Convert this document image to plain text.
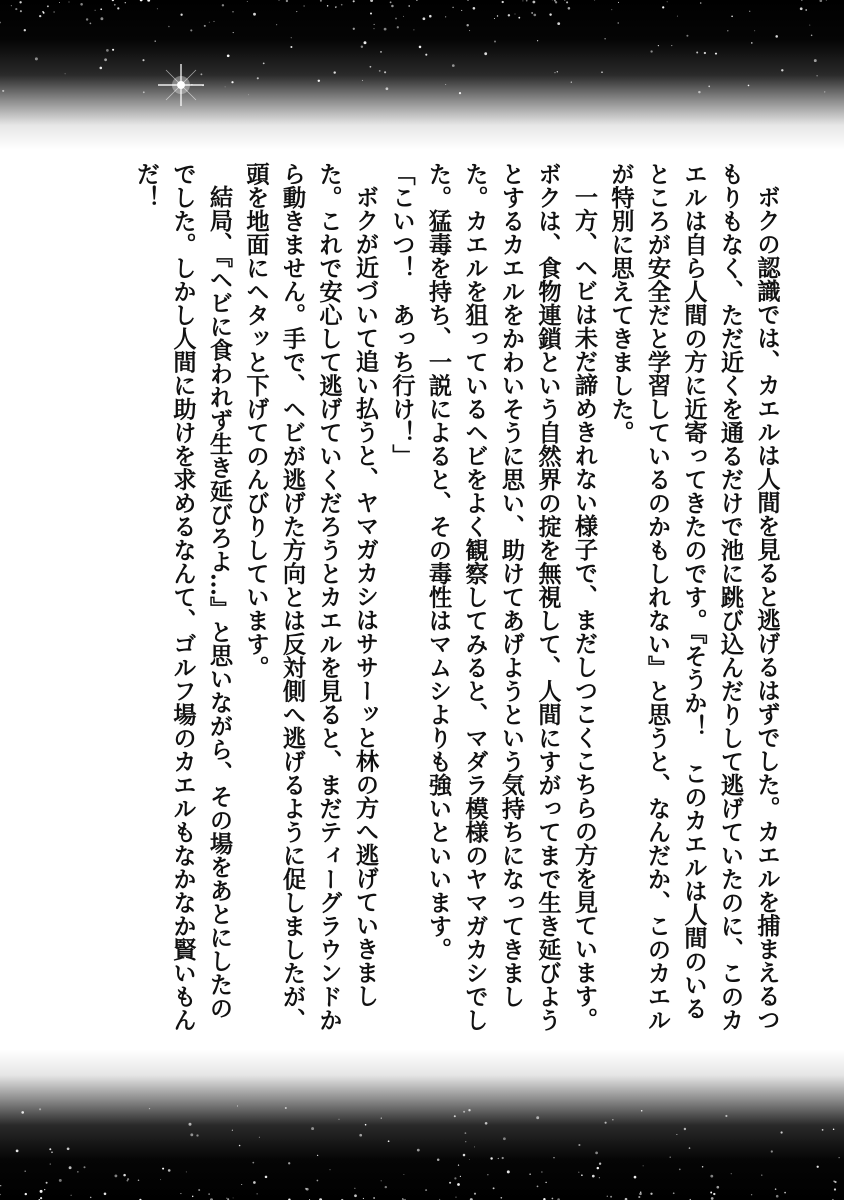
ボクの認識では、カエルは人間を見ると逃げるはずでした。カエルを捕まえるつもりもなく、ただ近くを通るだけで池に跳び込んだりして逃げていたのに、このカエルは自ら人間の方に近寄ってきたのです。『そうか！　このカエルは人間のいるところが安全だと学習しているのかもしれない』と思うと、なんだか、このカエルが特別に思えてきました。

一方、ヘビは未だ諦めきれない様子で、まだしつこくこちらの方を見ています。ボクは、食物連鎖という自然界の掟を無視して、人間にすがってまで生き延びようとするカエルをかわいそうに思い、助けてあげようという気持ちになってきました。カエルを狙っているヘビをよく観察してみると、マダラ模様のヤマガカシでした。猛毒を持ち、一説によると、その毒性はマムシよりも強いといいます。

「こいつ！　あっち行け！」

ボクが近づいて追い払うと、ヤマガカシはササーッと林の方へ逃げていきました。これで安心して逃げていくだろうとカエルを見ると、まだティーグラウンドから動きません。手で、ヘビが逃げた方向とは反対側へ逃げるように促しましたが、頭を地面にヘタッと下げてのんびりしています。

結局、『ヘビに食われず生き延びろよ…』と思いながら、その場をあとにしたのでした。しかし人間に助けを求めるなんて、ゴルフ場のカエルもなかなか賢いもんだ！
